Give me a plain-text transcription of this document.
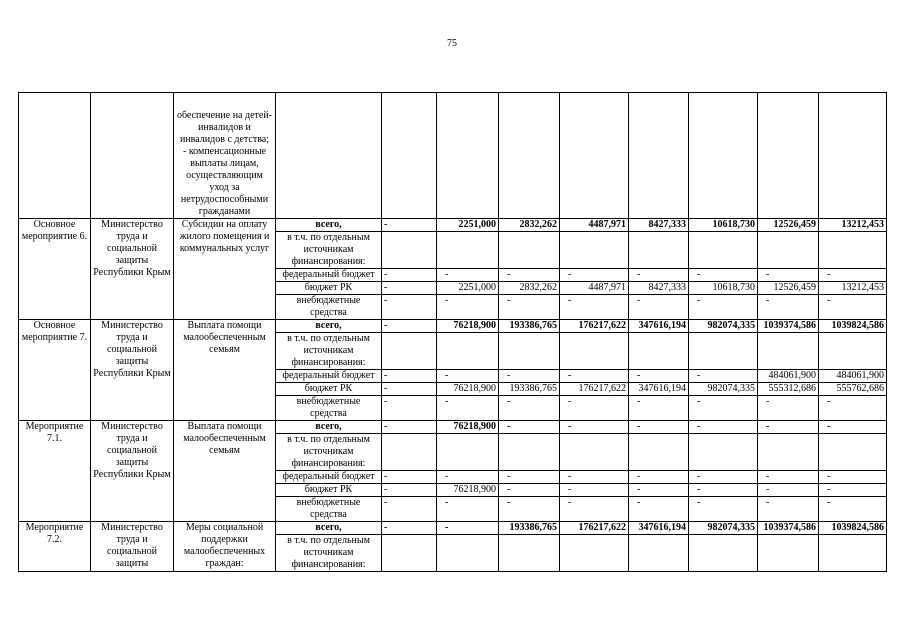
75
		обеспечение на детей-инвалидов и инвалидов с детства;
- компенсационные выплаты лицам, осуществляющим уход за нетрудоспособными гражданами									
Основное мероприятие 6.	Министерство труда и социальной защиты Республики Крым	Субсидии на оплату жилого помещения и коммунальных услуг	всего,	-	2251,000	2832,262	4487,971	8427,333	10618,730	12526,459	13212,453
			в т.ч. по отдельным источникам финансирования:								
			федеральный бюджет	-	-	-	-	-	-	-	-
			бюджет РК	-	2251,000	2832,262	4487,971	8427,333	10618,730	12526,459	13212,453
			внебюджетные средства	-	-	-	-	-	-	-	-
Основное мероприятие 7.	Министерство труда и социальной защиты Республики Крым	Выплата помощи малообеспеченным семьям	всего,	-	76218,900	193386,765	176217,622	347616,194	982074,335	1039374,586	1039824,586
			в т.ч. по отдельным источникам финансирования:								
			федеральный бюджет	-	-	-	-	-	-	484061,900	484061,900
			бюджет РК	-	76218,900	193386,765	176217,622	347616,194	982074,335	555312,686	555762,686
			внебюджетные средства	-	-	-	-	-	-	-	-
Мероприятие 7.1.	Министерство труда и социальной защиты Республики Крым	Выплата помощи малообеспеченным семьям	всего,	-	76218,900	-	-	-	-	-	-
			в т.ч. по отдельным источникам финансирования:								
			федеральный бюджет	-	-	-	-	-	-	-	-
			бюджет РК	-	76218,900	-	-	-	-	-	-
			внебюджетные средства	-	-	-	-	-	-	-	-
Мероприятие 7.2.	Министерство труда и социальной защиты	Меры социальной поддержки малообеспеченных граждан:	всего,	-	-	193386,765	176217,622	347616,194	982074,335	1039374,586	1039824,586
			в т.ч. по отдельным источникам финансирования:								
